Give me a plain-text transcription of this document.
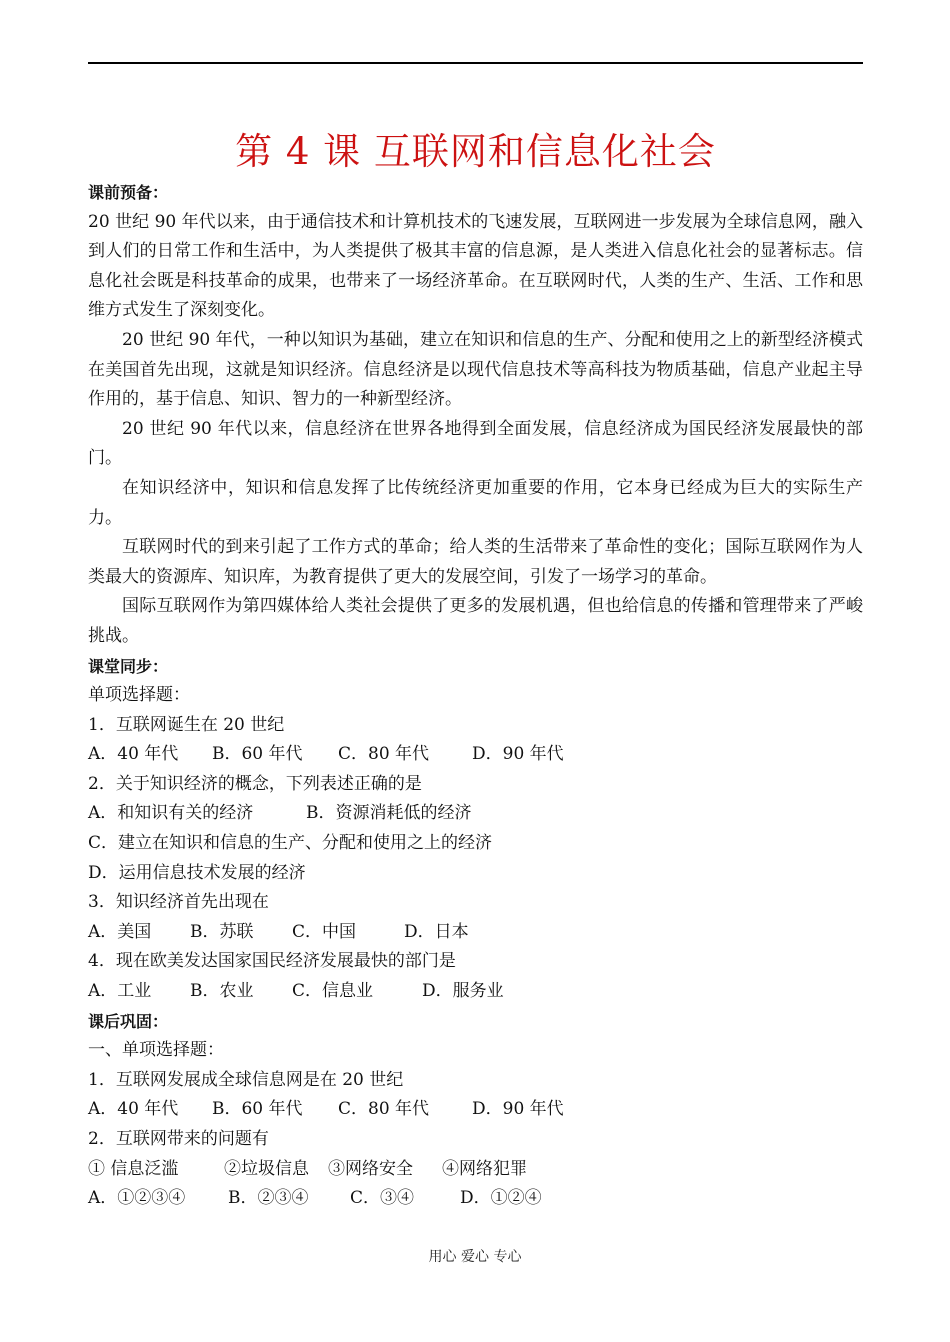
第 4 课 互联网和信息化社会

课前预备：

20 世纪 90 年代以来，由于通信技术和计算机技术的飞速发展，互联网进一步发展为全球信息网，融入到人们的日常工作和生活中，为人类提供了极其丰富的信息源，是人类进入信息化社会的显著标志。信息化社会既是科技革命的成果，也带来了一场经济革命。在互联网时代，人类的生产、生活、工作和思维方式发生了深刻变化。

20 世纪 90 年代，一种以知识为基础，建立在知识和信息的生产、分配和使用之上的新型经济模式在美国首先出现，这就是知识经济。信息经济是以现代信息技术等高科技为物质基础，信息产业起主导作用的，基于信息、知识、智力的一种新型经济。

20 世纪 90 年代以来，信息经济在世界各地得到全面发展，信息经济成为国民经济发展最快的部门。

在知识经济中，知识和信息发挥了比传统经济更加重要的作用，它本身已经成为巨大的实际生产力。

互联网时代的到来引起了工作方式的革命；给人类的生活带来了革命性的变化；国际互联网作为人类最大的资源库、知识库，为教育提供了更大的发展空间，引发了一场学习的革命。

国际互联网作为第四媒体给人类社会提供了更多的发展机遇，但也给信息的传播和管理带来了严峻挑战。

课堂同步：

单项选择题：

1．互联网诞生在 20 世纪

A．40 年代 B．60 年代 C．80 年代	D．90 年代

2．关于知识经济的概念，下列表述正确的是

A．和知识有关的经济	B．资源消耗低的经济

C．建立在知识和信息的生产、分配和使用之上的经济

D．运用信息技术发展的经济

3．知识经济首先出现在

A．美国 B．苏联 C．中国	D．日本

4．现在欧美发达国家国民经济发展最快的部门是

A．工业 B．农业 C．信息业	D．服务业

课后巩固：

一、单项选择题：

1．互联网发展成全球信息网是在 20 世纪

A．40 年代 B．60 年代 C．80 年代	D．90 年代

2．互联网带来的问题有

① 信息泛滥	②垃圾信息 ③网络安全 ④网络犯罪

A．①②③④	B．②③④ C．③④	D．①②④

用心 爱心 专心
